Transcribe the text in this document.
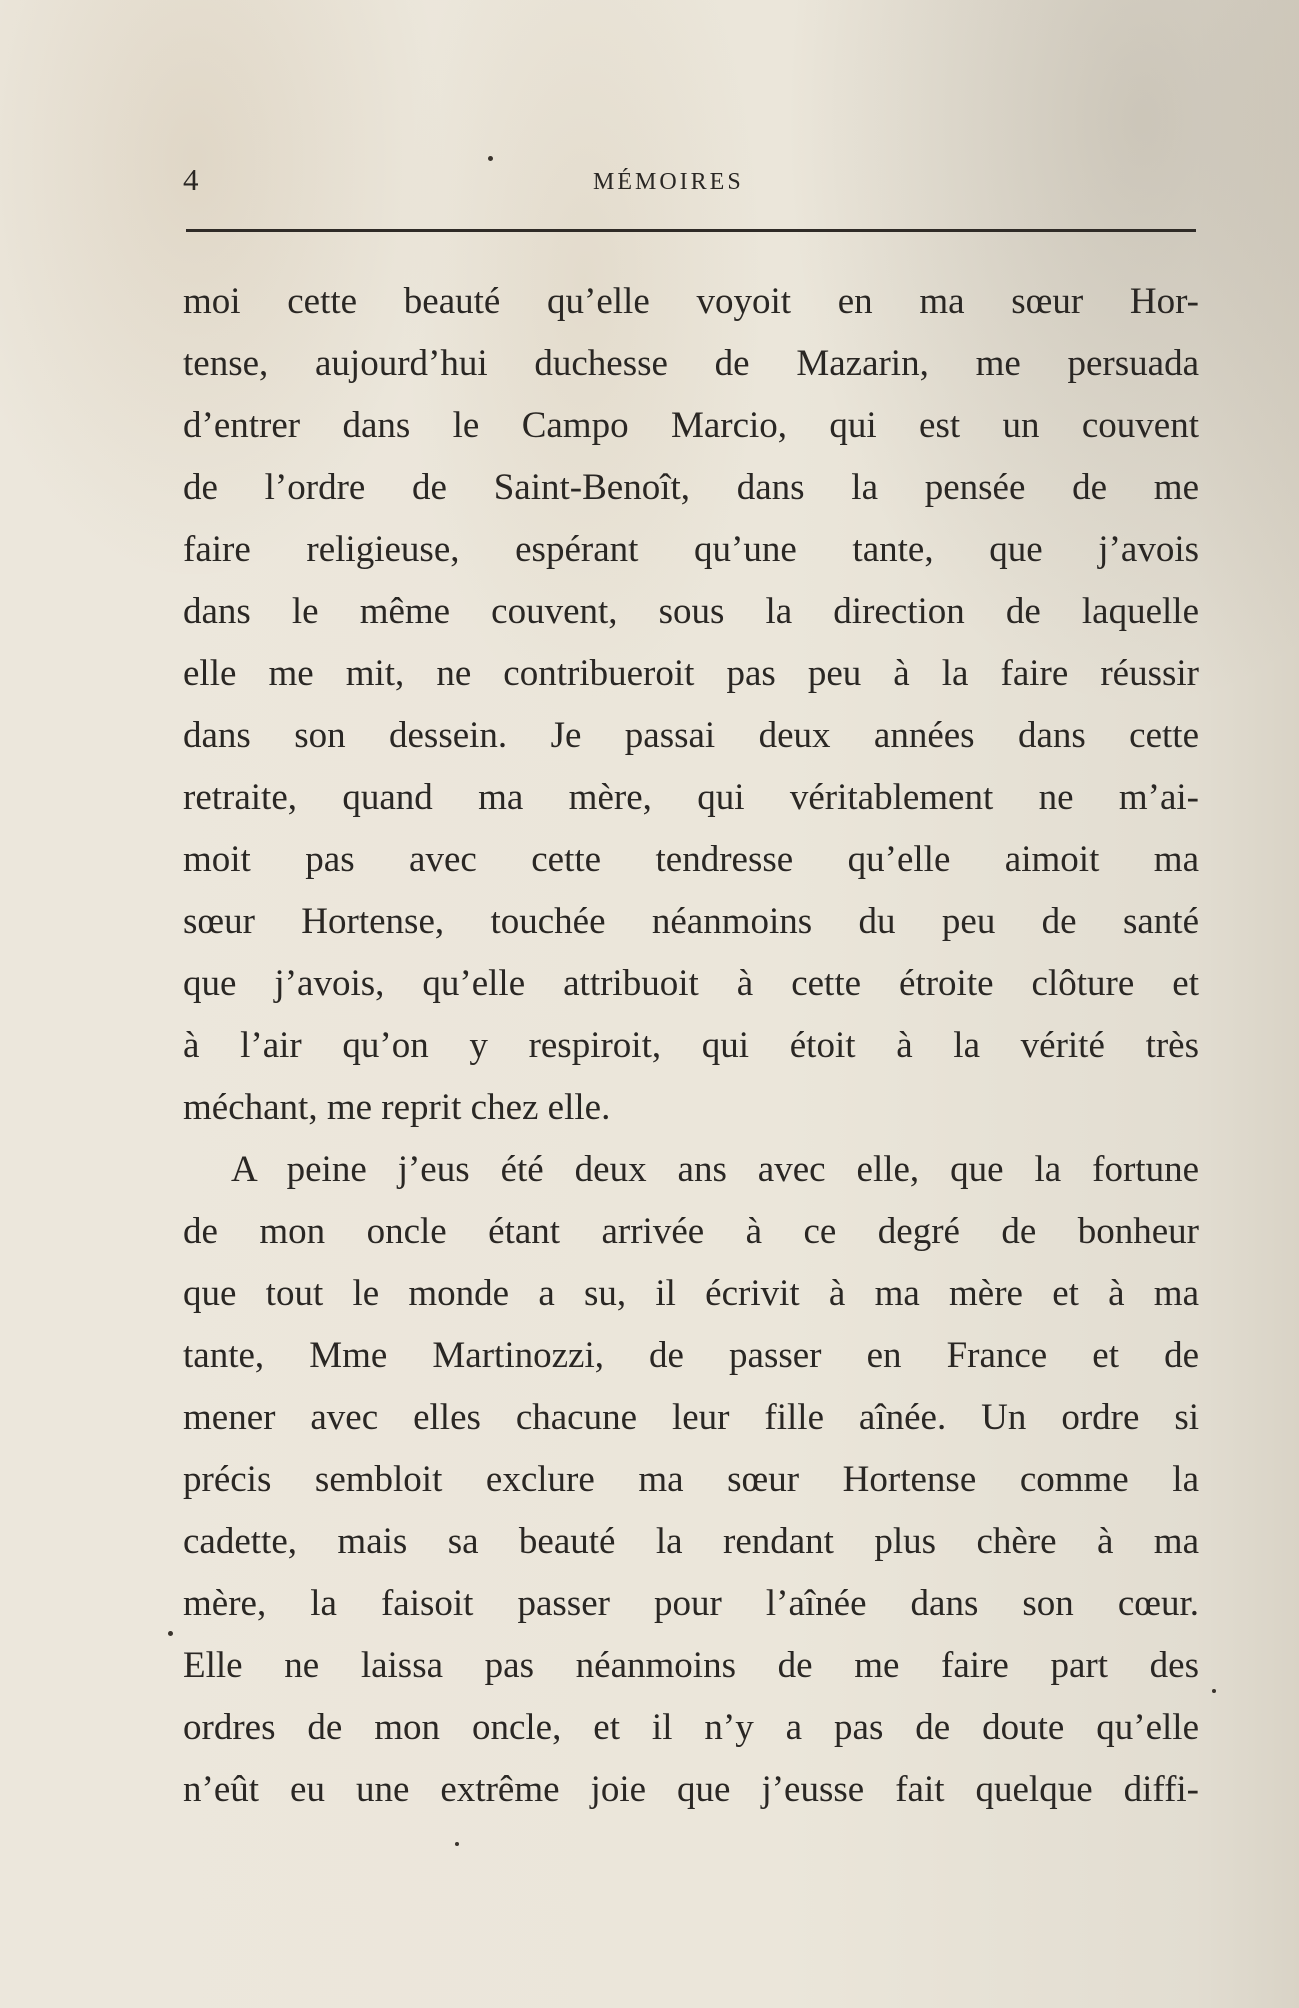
4	MÉMOIRES
moi cette beauté qu’elle voyoit en ma sœur Hor-
tense, aujourd’hui duchesse de Mazarin, me persuada
d’entrer dans le Campo Marcio, qui est un couvent
de l’ordre de Saint-Benoît, dans la pensée de me
faire religieuse, espérant qu’une tante, que j’avois
dans le même couvent, sous la direction de laquelle
elle me mit, ne contribueroit pas peu à la faire réussir
dans son dessein. Je passai deux années dans cette
retraite, quand ma mère, qui véritablement ne m’ai-
moit pas avec cette tendresse qu’elle aimoit ma
sœur Hortense, touchée néanmoins du peu de santé
que j’avois, qu’elle attribuoit à cette étroite clôture et
à l’air qu’on y respiroit, qui étoit à la vérité très
méchant, me reprit chez elle.
A peine j’eus été deux ans avec elle, que la fortune
de mon oncle étant arrivée à ce degré de bonheur
que tout le monde a su, il écrivit à ma mère et à ma
tante, Mme Martinozzi, de passer en France et de
mener avec elles chacune leur fille aînée. Un ordre si
précis sembloit exclure ma sœur Hortense comme la
cadette, mais sa beauté la rendant plus chère à ma
mère, la faisoit passer pour l’aînée dans son cœur.
Elle ne laissa pas néanmoins de me faire part des
ordres de mon oncle, et il n’y a pas de doute qu’elle
n’eût eu une extrême joie que j’eusse fait quelque diffi-
